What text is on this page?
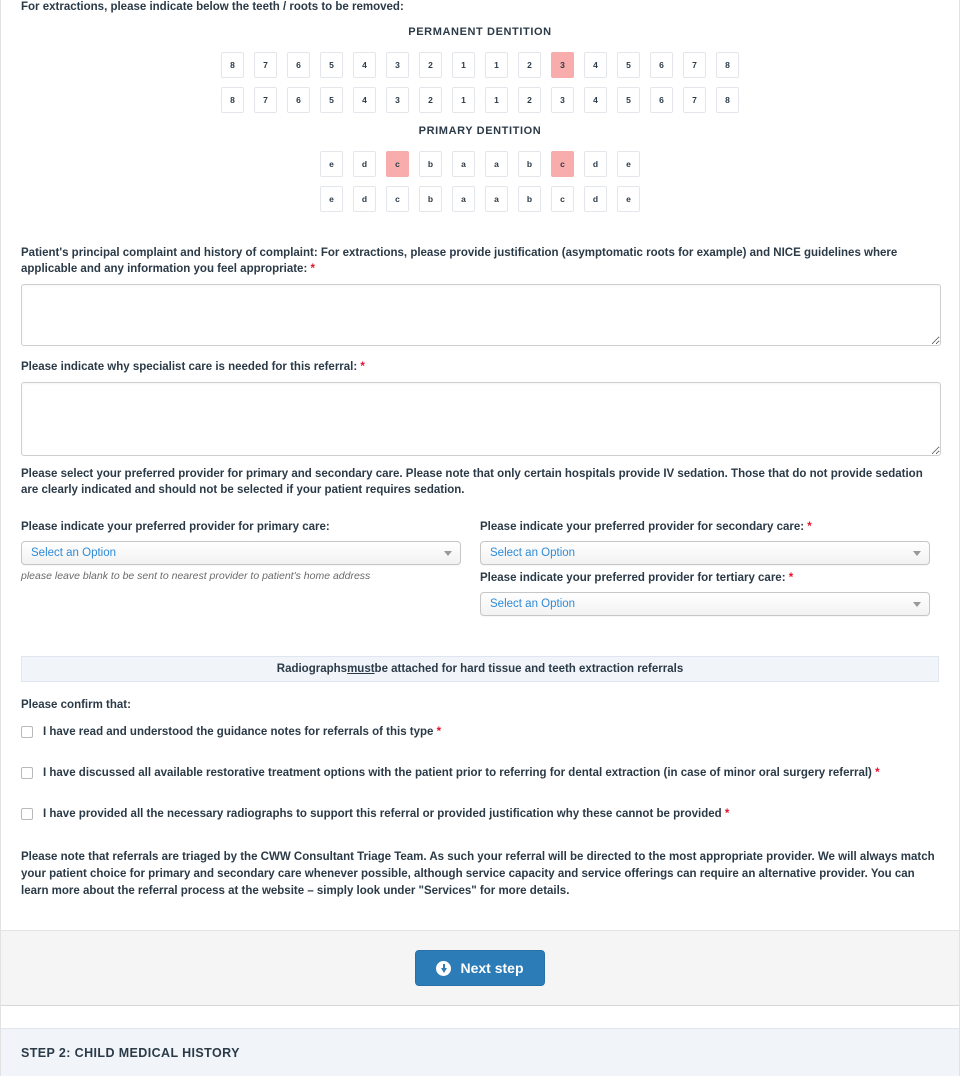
For extractions, please indicate below the teeth / roots to be removed:

PERMANENT DENTITION

8	7	6	5	4	3	2	1	1	2	3	4	5	6	7	8
8	7	6	5	4	3	2	1	1	2	3	4	5	6	7	8

PRIMARY DENTITION

e	d	c	b	a	a	b	c	d	e
e	d	c	b	a	a	b	c	d	e

Patient's principal complaint and history of complaint: For extractions, please provide justification (asymptomatic roots for example) and NICE guidelines where applicable and any information you feel appropriate: *

Please indicate why specialist care is needed for this referral: *

Please select your preferred provider for primary and secondary care. Please note that only certain hospitals provide IV sedation. Those that do not provide sedation are clearly indicated and should not be selected if your patient requires sedation.

Please indicate your preferred provider for primary care:

Select an Option

please leave blank to be sent to nearest provider to patient's home address

Please indicate your preferred provider for secondary care: *

Select an Option

Please indicate your preferred provider for tertiary care: *

Select an Option
Radiographs must be attached for hard tissue and teeth extraction referrals

Please confirm that:

I have read and understood the guidance notes for referrals of this type *
I have discussed all available restorative treatment options with the patient prior to referring for dental extraction (in case of minor oral surgery referral) *
I have provided all the necessary radiographs to support this referral or provided justification why these cannot be provided *

Please note that referrals are triaged by the CWW Consultant Triage Team. As such your referral will be directed to the most appropriate provider. We will always match your patient choice for primary and secondary care whenever possible, although service capacity and service offerings can require an alternative provider. You can learn more about the referral process at the website – simply look under "Services" for more details.

Next step
STEP 2: CHILD MEDICAL HISTORY
